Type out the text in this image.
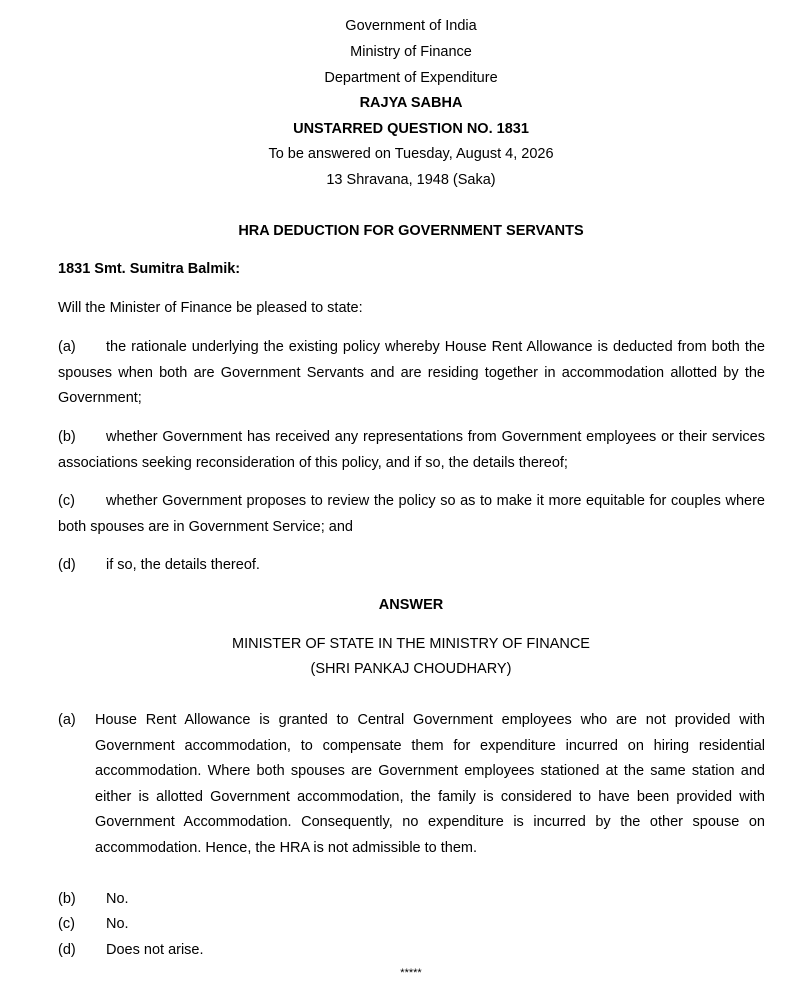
Government of India
Ministry of Finance
Department of Expenditure
RAJYA SABHA
UNSTARRED QUESTION NO. 1831
To be answered on Tuesday, August 4, 2026
13 Shravana, 1948 (Saka)
HRA DEDUCTION FOR GOVERNMENT SERVANTS
1831 Smt. Sumitra Balmik:
Will the Minister of Finance be pleased to state:
(a) the rationale underlying the existing policy whereby House Rent Allowance is deducted from both the spouses when both are Government Servants and are residing together in accommodation allotted by the Government;
(b) whether Government has received any representations from Government employees or their services associations seeking reconsideration of this policy, and if so, the details thereof;
(c) whether Government proposes to review the policy so as to make it more equitable for couples where both spouses are in Government Service; and
(d) if so, the details thereof.
ANSWER
MINISTER OF STATE IN THE MINISTRY OF FINANCE
(SHRI PANKAJ CHOUDHARY)
(a) House Rent Allowance is granted to Central Government employees who are not provided with Government accommodation, to compensate them for expenditure incurred on hiring residential accommodation. Where both spouses are Government employees stationed at the same station and either is allotted Government accommodation, the family is considered to have been provided with Government Accommodation. Consequently, no expenditure is incurred by the other spouse on accommodation. Hence, the HRA is not admissible to them.
(b) No.
(c) No.
(d) Does not arise.
*****
